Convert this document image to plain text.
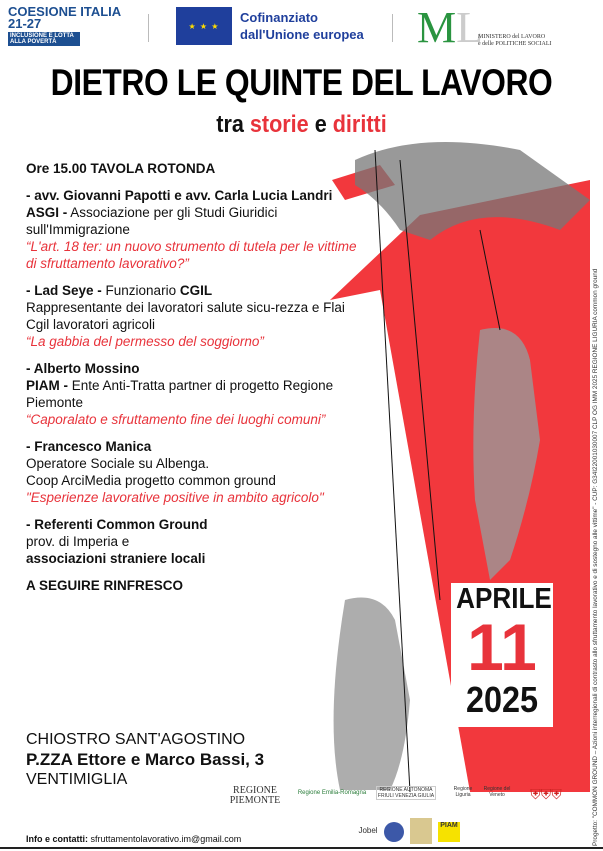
COESIONE ITALIA 21-27
INCLUSIONE E LOTTA ALLA POVERTÀ
★ ★ ★
Cofinanziato
dall'Unione europea ML
MINISTERO del LAVORO
e delle POLITICHE SOCIALI
DIETRO LE QUINTE DEL LAVORO
tra storie e diritti

Ore 15.00 TAVOLA ROTONDA

- avv. Giovanni Papotti e avv. Carla Lucia Landri
ASGI - Associazione per gli Studi Giuridici sull'Immigrazione
“L'art. 18 ter: un nuovo strumento di tutela per le vittime di sfruttamento lavorativo?”

- Lad Seye - Funzionario CGIL
Rappresentante dei lavoratori salute sicu-rezza e Flai Cgil lavoratori agricoli
“La gabbia del permesso del soggiorno”

- Alberto Mossino
PIAM - Ente Anti-Tratta partner di progetto Regione Piemonte
“Caporalato e sfruttamento fine dei luoghi comuni”

- Francesco Manica
Operatore Sociale su Albenga.
Coop ArciMedia progetto common ground
"Esperienze lavorative positive in ambito agricolo"

- Referenti Common Ground
prov. di Imperia e
associazioni straniere locali

A SEGUIRE RINFRESCO	APRILE
11
2025
CHIOSTRO SANT'AGOSTINO
P.ZZA Ettore e Marco Bassi, 3
VENTIMIGLIA
REGIONE PIEMONTE
Regione Emilia-Romagna	REGIONE AUTONOMA FRIULI VENEZIA GIULIA
Regione Liguria
Regione del Veneto	⛨⛨⛨
Jobel
PIAM
Info e contatti: sfruttamentolavorativo.im@gmail.com	Progetto: "COMMON GROUND – Azioni interregionali di contrasto allo sfruttamento lavorativo e di sostegno alle vittime" - CUP: G34I22001030007 CLP OG IMM 2025 REGIONE LIGURIA common ground
